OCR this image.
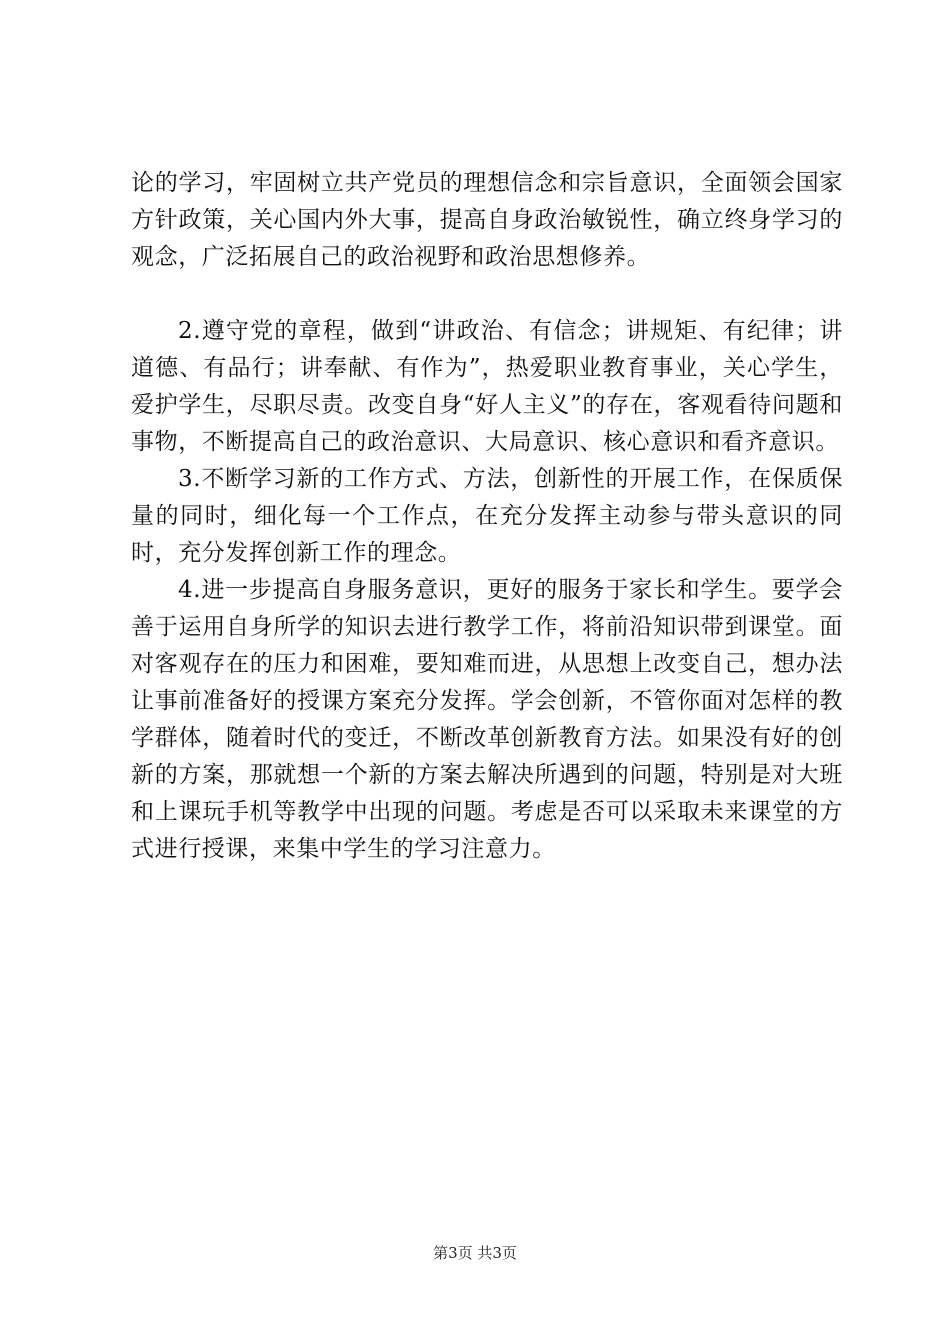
论的学习，牢固树立共产党员的理想信念和宗旨意识，全面领会国家方针政策，关心国内外大事，提高自身政治敏锐性，确立终身学习的观念，广泛拓展自己的政治视野和政治思想修养。

2.遵守党的章程，做到“讲政治、有信念；讲规矩、有纪律；讲道德、有品行；讲奉献、有作为”，热爱职业教育事业，关心学生，爱护学生，尽职尽责。改变自身“好人主义”的存在，客观看待问题和事物，不断提高自己的政治意识、大局意识、核心意识和看齐意识。

3.不断学习新的工作方式、方法，创新性的开展工作，在保质保量的同时，细化每一个工作点，在充分发挥主动参与带头意识的同时，充分发挥创新工作的理念。

4.进一步提高自身服务意识，更好的服务于家长和学生。要学会善于运用自身所学的知识去进行教学工作，将前沿知识带到课堂。面对客观存在的压力和困难，要知难而进，从思想上改变自己，想办法让事前准备好的授课方案充分发挥。学会创新，不管你面对怎样的教学群体，随着时代的变迁，不断改革创新教育方法。如果没有好的创新的方案，那就想一个新的方案去解决所遇到的问题，特别是对大班和上课玩手机等教学中出现的问题。考虑是否可以采取未来课堂的方式进行授课，来集中学生的学习注意力。

第3页 共3页
